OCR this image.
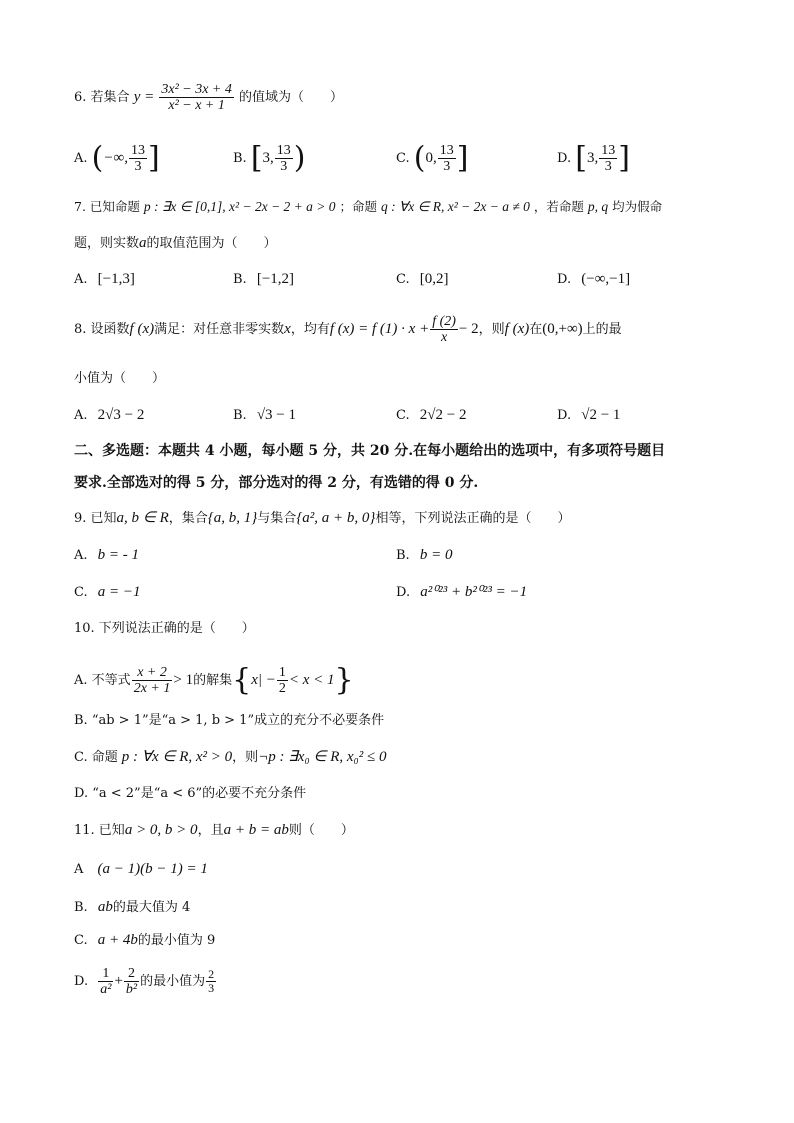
6. 若集合 $y = \frac{\text{3x² − 3x + 4}}{\text{x² − x + 1}}$ 的值域为（　　）
A. (−∞, $\frac{13}{3}$ ]	B. [3, $\frac{13}{3}$ )	C. (0, $\frac{13}{3}$ ]	D. [3, $\frac{13}{3}$ ]
7. 已知命题 p : ∃x ∈ [0,1], x² − 2x − 2 + a > 0 ；命题 q : ∀x ∈ R, x² − 2x − a ≠ 0 ，若命题 p, q 均为假命
题，则实数a的取值范围为（　　）
A. [−1,3]	B. [−1,2]	C. [0,2]	D. (−∞,−1]
8. 设函数f (x)满足：对任意非零实数x，均有f (x) = f $(1) \cdot x + \frac{f (2)}{x} - 2$，则f (x)在(0,+∞)上的最
小值为（　　）
A. 2√3 − 2	B. √3 − 1	C. 2√2 − 2	D. √2 − 1
二、多选题：本题共 4 小题，每小题 5 分，共 20 分.在每小题给出的选项中，有多项符号题目
要求.全部选对的得 5 分，部分选对的得 2 分，有选错的得 0 分.
9. 已知a, b ∈ R，集合{a, b, 1}与集合{a², a + b, 0}相等，下列说法正确的是（　　）
A. b = - 1	B. b = 0
C. a = −1	D. a²⁰²³ + b²⁰²³ = −1
10. 下列说法正确的是（　　）
A. 不等式 $\frac{x + 2}{2x + 1} > 1$的解集$\{x| - \frac{1}{2} < x < 1\}$
B. “ab > 1”是“a > 1, b > 1”成立的充分不必要条件
C. 命题 p : ∀x ∈ R, x² > 0，则¬p : ∃x₀ ∈ R, x₀² ≤ 0
D. “a < 2”是“a < 6”的必要不充分条件
11. 已知a > 0, b > 0，且a + b = ab则（　　）
A (a − 1)(b − 1) = 1
B. ab的最大值为 4
C. a + 4b的最小值为 9
D. $\frac{1}{\text{a²}} + \frac{2}{\text{b²}}$ 的最小值为 $\frac{2}{3}$
